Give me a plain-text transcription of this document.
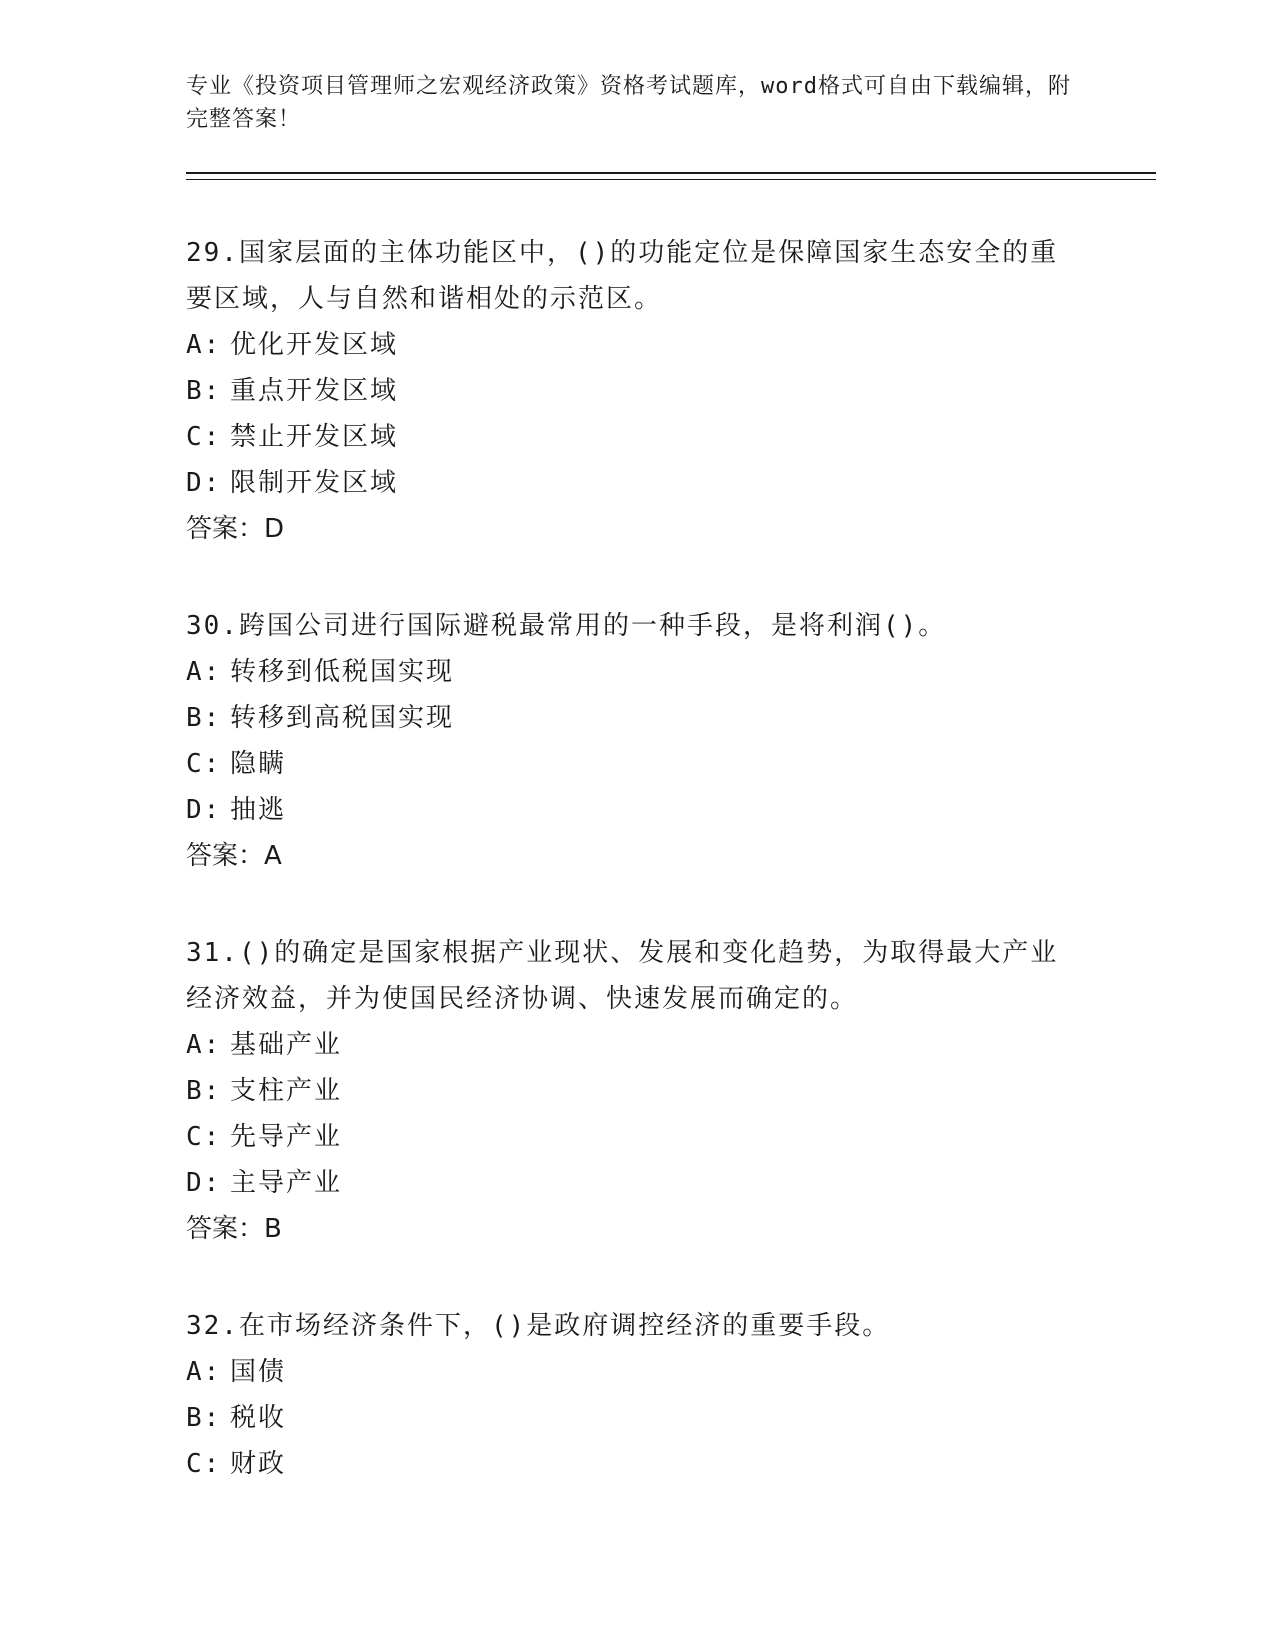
专业《投资项目管理师之宏观经济政策》资格考试题库，word格式可自由下载编辑，附完整答案！

29.国家层面的主体功能区中，()的功能定位是保障国家生态安全的重要区域，人与自然和谐相处的示范区。

A: 优化开发区域

B: 重点开发区域

C: 禁止开发区域

D: 限制开发区域

答案：D

30.跨国公司进行国际避税最常用的一种手段，是将利润()。

A: 转移到低税国实现

B: 转移到高税国实现

C: 隐瞒

D: 抽逃

答案：A

31.()的确定是国家根据产业现状、发展和变化趋势，为取得最大产业经济效益，并为使国民经济协调、快速发展而确定的。

A: 基础产业

B: 支柱产业

C: 先导产业

D: 主导产业

答案：B

32.在市场经济条件下，()是政府调控经济的重要手段。

A: 国债

B: 税收

C: 财政
